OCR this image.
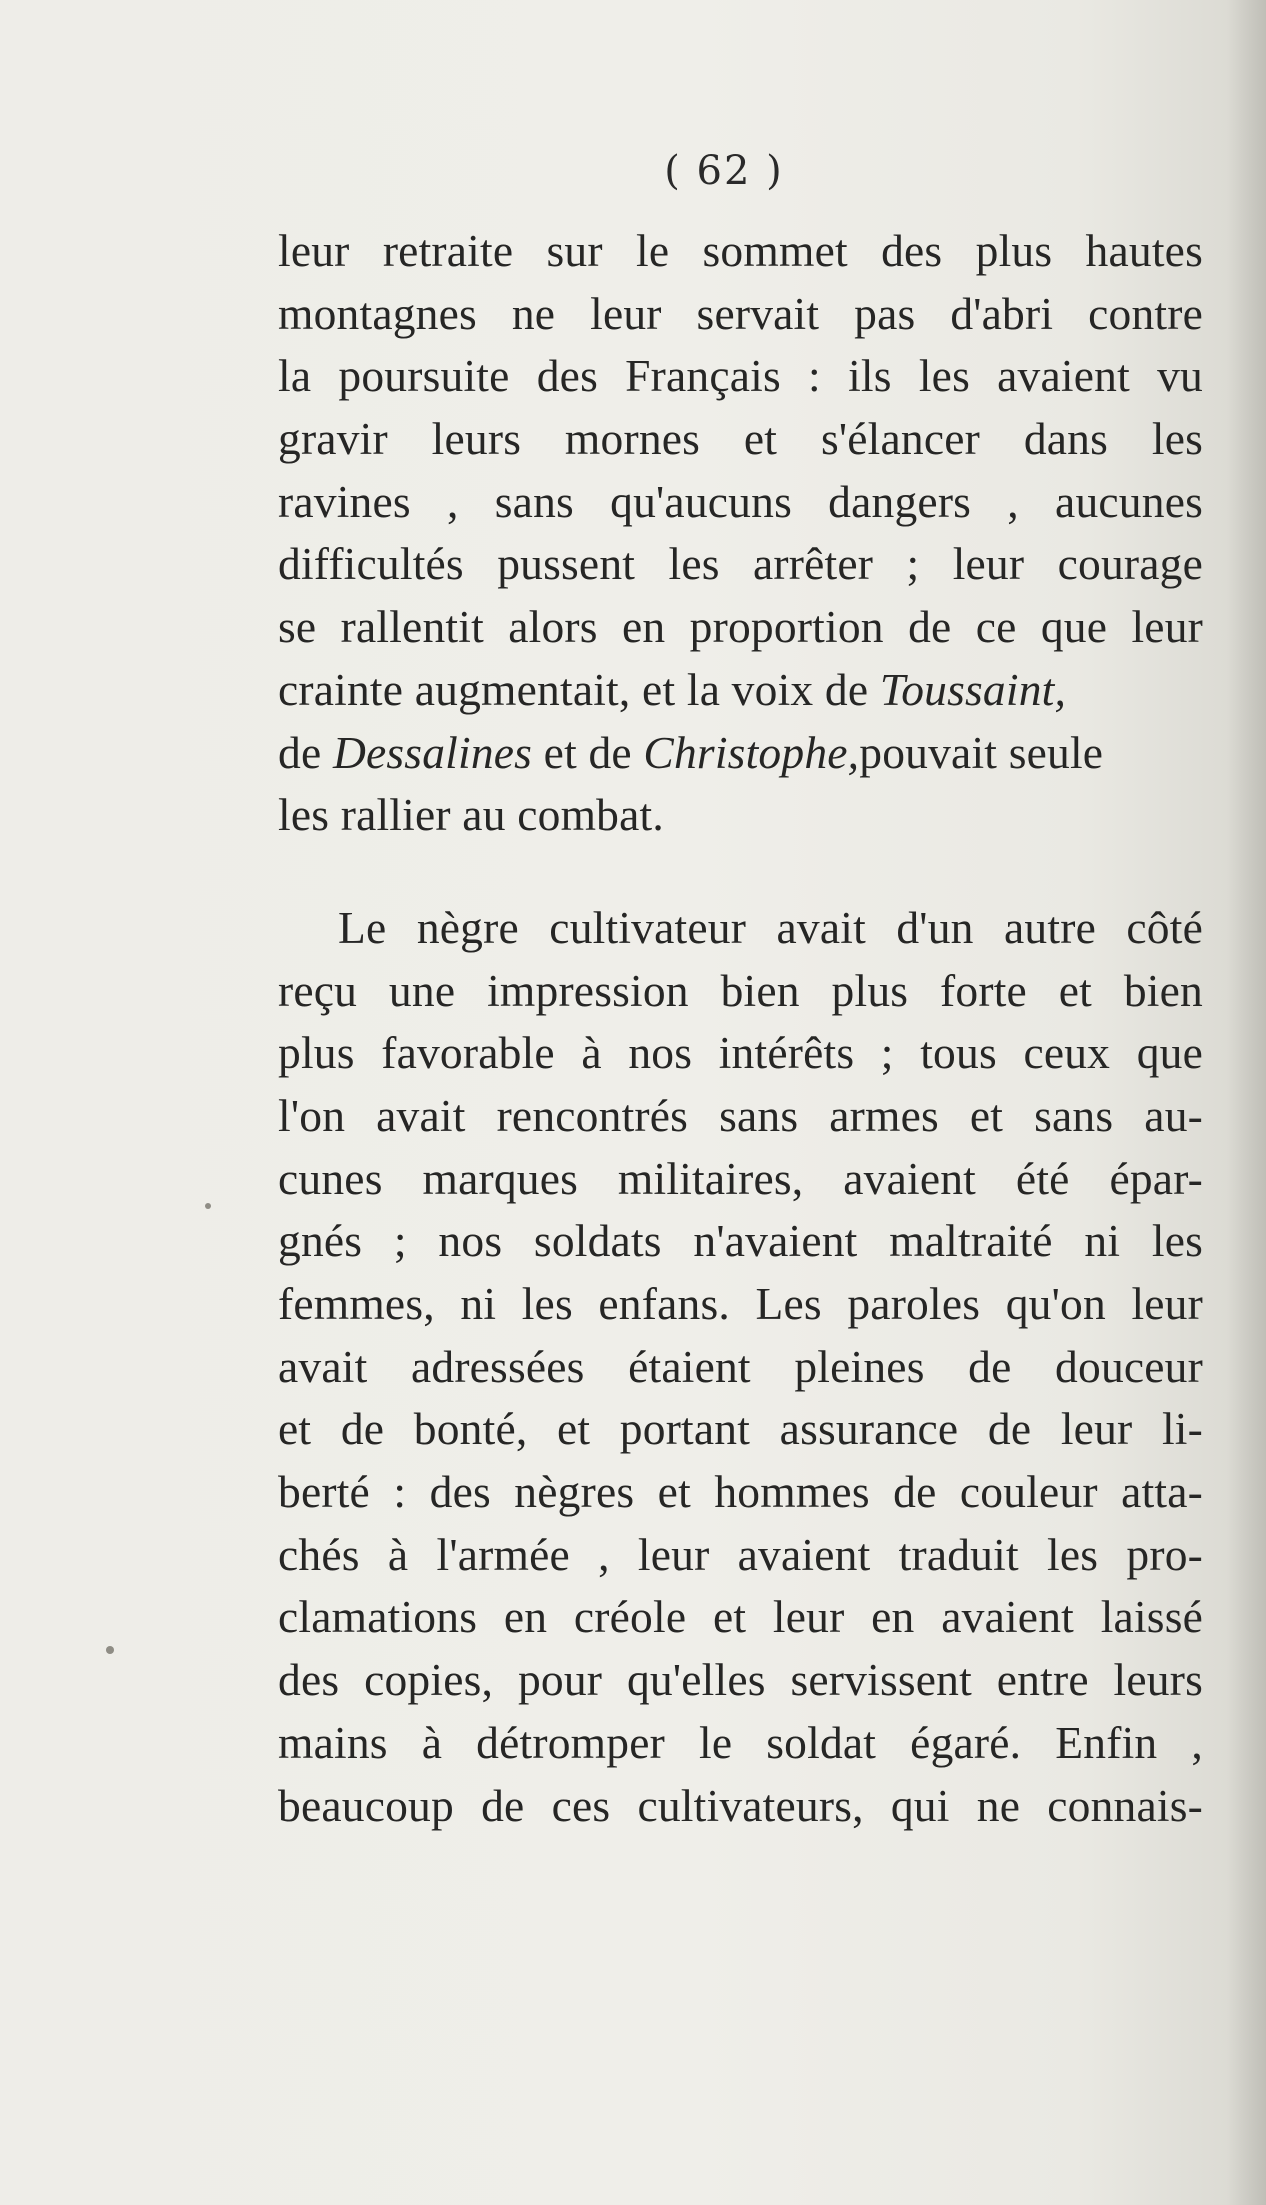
( 62 )
leur retraite sur le sommet des plus hautes
montagnes ne leur servait pas d'abri contre
la poursuite des Français : ils les avaient vu
gravir leurs mornes et s'élancer dans les
ravines , sans qu'aucuns dangers , aucunes
difficultés pussent les arrêter ; leur courage
se rallentit alors en proportion de ce que leur
crainte augmentait, et la voix de Toussaint,
de Dessalines et de Christophe,pouvait seule
les rallier au combat.
Le nègre cultivateur avait d'un autre côté
reçu une impression bien plus forte et bien
plus favorable à nos intérêts ; tous ceux que
l'on avait rencontrés sans armes et sans au-
cunes marques militaires, avaient été épar-
gnés ; nos soldats n'avaient maltraité ni les
femmes, ni les enfans. Les paroles qu'on leur
avait adressées étaient pleines de douceur
et de bonté, et portant assurance de leur li-
berté : des nègres et hommes de couleur atta-
chés à l'armée , leur avaient traduit les pro-
clamations en créole et leur en avaient laissé
des copies, pour qu'elles servissent entre leurs
mains à détromper le soldat égaré. Enfin ,
beaucoup de ces cultivateurs, qui ne connais-
